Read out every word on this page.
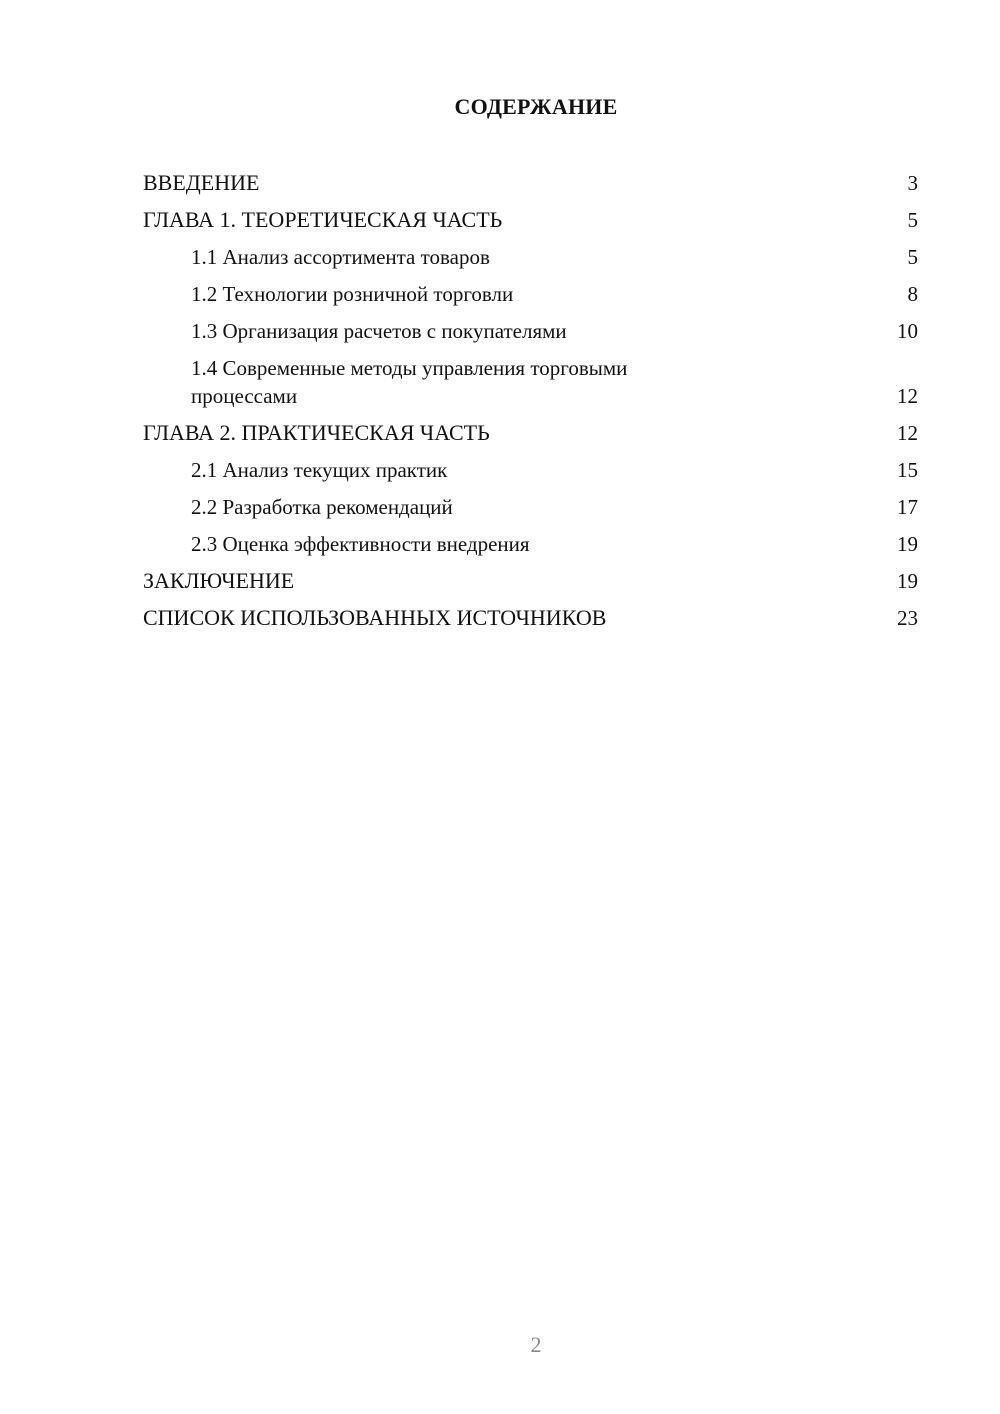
СОДЕРЖАНИЕ
ВВЕДЕНИЕ	3
ГЛАВА 1. ТЕОРЕТИЧЕСКАЯ ЧАСТЬ	5
1.1 Анализ ассортимента товаров	5
1.2 Технологии розничной торговли	8
1.3 Организация расчетов с покупателями	10
1.4 Современные методы управления торговыми процессами	12
ГЛАВА 2. ПРАКТИЧЕСКАЯ ЧАСТЬ	12
2.1 Анализ текущих практик	15
2.2 Разработка рекомендаций	17
2.3 Оценка эффективности внедрения	19
ЗАКЛЮЧЕНИЕ	19
СПИСОК ИСПОЛЬЗОВАННЫХ ИСТОЧНИКОВ	23
2
